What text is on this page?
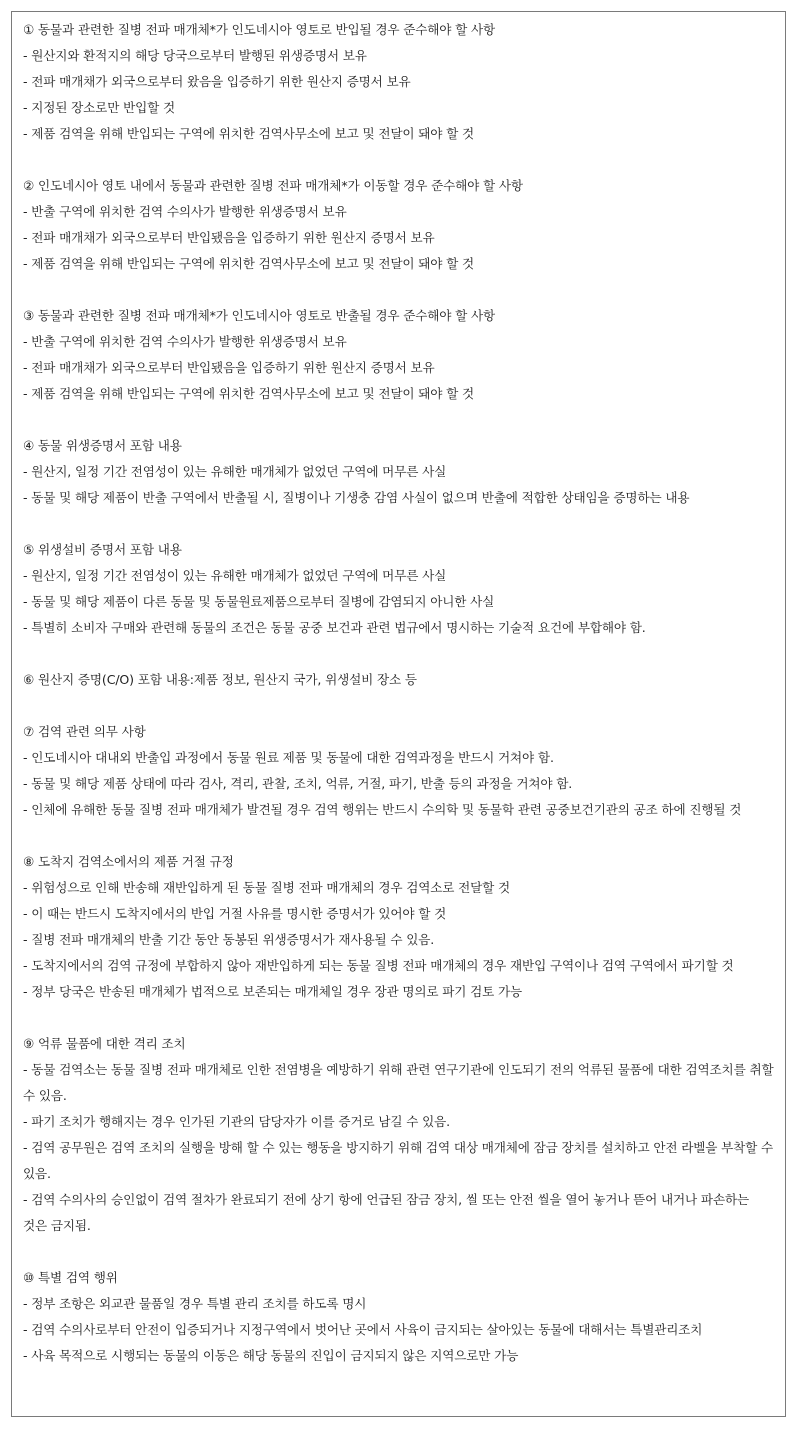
① 동물과 관련한 질병 전파 매개체*가 인도네시아 영토로 반입될 경우 준수해야 할 사항
- 원산지와 환적지의 해당 당국으로부터 발행된 위생증명서 보유
- 전파 매개채가 외국으로부터 왔음을 입증하기 위한 원산지 증명서 보유
- 지정된 장소로만 반입할 것
- 제품 검역을 위해 반입되는 구역에 위치한 검역사무소에 보고 및 전달이 돼야 할 것
② 인도네시아 영토 내에서 동물과 관련한 질병 전파 매개체*가 이동할 경우 준수해야 할 사항
- 반출 구역에 위치한 검역 수의사가 발행한 위생증명서 보유
- 전파 매개채가 외국으로부터 반입됐음을 입증하기 위한 원산지 증명서 보유
- 제품 검역을 위해 반입되는 구역에 위치한 검역사무소에 보고 및 전달이 돼야 할 것
③ 동물과 관련한 질병 전파 매개체*가 인도네시아 영토로 반출될 경우 준수해야 할 사항
- 반출 구역에 위치한 검역 수의사가 발행한 위생증명서 보유
- 전파 매개채가 외국으로부터 반입됐음을 입증하기 위한 원산지 증명서 보유
- 제품 검역을 위해 반입되는 구역에 위치한 검역사무소에 보고 및 전달이 돼야 할 것
④ 동물 위생증명서 포함 내용
- 원산지, 일정 기간 전염성이 있는 유해한 매개체가 없었던 구역에 머무른 사실
- 동물 및 해당 제품이 반출 구역에서 반출될 시, 질병이나 기생충 감염 사실이 없으며 반출에 적합한 상태임을 증명하는 내용
⑤ 위생설비 증명서 포함 내용
- 원산지, 일정 기간 전염성이 있는 유해한 매개체가 없었던 구역에 머무른 사실
- 동물 및 해당 제품이 다른 동물 및 동물원료제품으로부터 질병에 감염되지 아니한 사실
- 특별히 소비자 구매와 관련해 동물의 조건은 동물 공중 보건과 관련 법규에서 명시하는 기술적 요건에 부합해야 함.
⑥ 원산지 증명(C/O) 포함 내용:제품 정보, 원산지 국가, 위생설비 장소 등
⑦ 검역 관련 의무 사항
- 인도네시아 대내외 반출입 과정에서 동물 원료 제품 및 동물에 대한 검역과정을 반드시 거쳐야 함.
- 동물 및 해당 제품 상태에 따라 검사, 격리, 관찰, 조치, 억류, 거절, 파기, 반출 등의 과정을 거쳐야 함.
- 인체에 유해한 동물 질병 전파 매개체가 발견될 경우 검역 행위는 반드시 수의학 및 동물학 관련 공중보건기관의 공조 하에 진행될 것
⑧ 도착지 검역소에서의 제품 거절 규정
- 위험성으로 인해 반송해 재반입하게 된 동물 질병 전파 매개체의 경우 검역소로 전달할 것
- 이 때는 반드시 도착지에서의 반입 거절 사유를 명시한 증명서가 있어야 할 것
- 질병 전파 매개체의 반출 기간 동안 동봉된 위생증명서가 재사용될 수 있음.
- 도착지에서의 검역 규정에 부합하지 않아 재반입하게 되는 동물 질병 전파 매개체의 경우 재반입 구역이나 검역 구역에서 파기할 것
- 정부 당국은 반송된 매개체가 법적으로 보존되는 매개체일 경우 장관 명의로 파기 검토 가능
⑨ 억류 물품에 대한 격리 조치
- 동물 검역소는 동물 질병 전파 매개체로 인한 전염병을 예방하기 위해 관련 연구기관에 인도되기 전의 억류된 물품에 대한 검역조치를 취할 수 있음.
- 파기 조치가 행해지는 경우 인가된 기관의 담당자가 이를 증거로 남길 수 있음.
- 검역 공무원은 검역 조치의 실행을 방해 할 수 있는 행동을 방지하기 위해 검역 대상 매개체에 잠금 장치를 설치하고 안전 라벨을 부착할 수 있음.
- 검역 수의사의 승인없이 검역 절차가 완료되기 전에 상기 항에 언급된 잠금 장치, 씰 또는 안전 씰을 열어 놓거나 뜯어 내거나 파손하는 것은 금지됨.
⑩ 특별 검역 행위
- 정부 조항은 외교관 물품일 경우 특별 관리 조치를 하도록 명시
- 검역 수의사로부터 안전이 입증되거나 지정구역에서 벗어난 곳에서 사육이 금지되는 살아있는 동물에 대해서는 특별관리조치
- 사육 목적으로 시행되는 동물의 이동은 해당 동물의 진입이 금지되지 않은 지역으로만 가능
